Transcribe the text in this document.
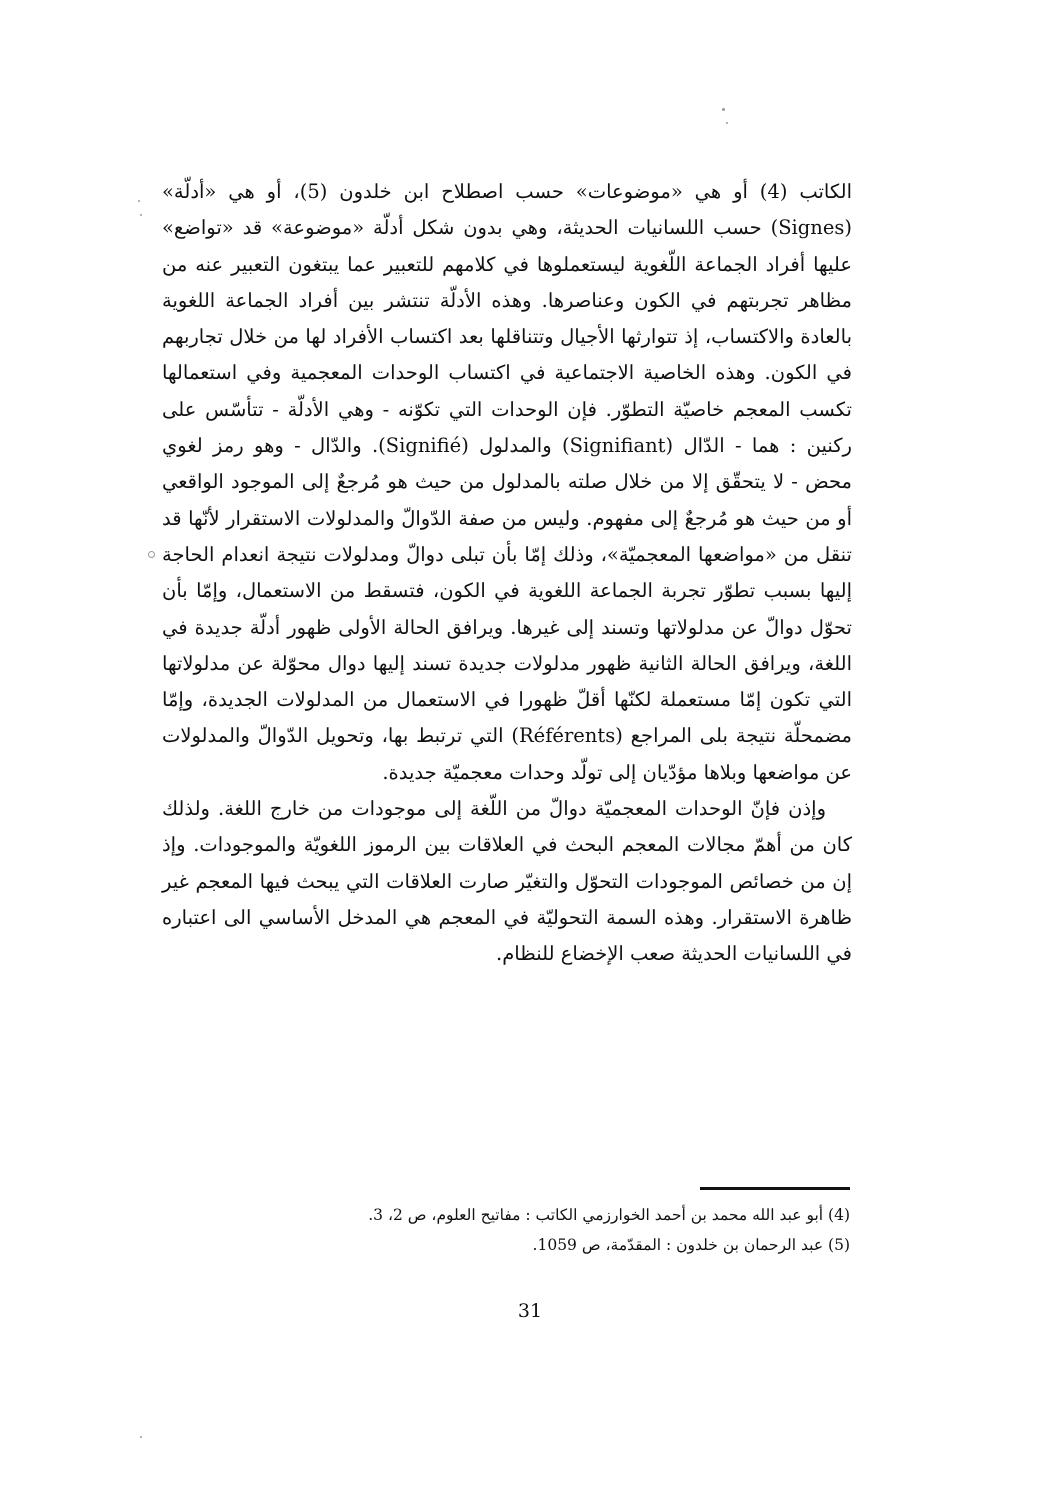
الكاتب (4) أو هي «موضوعات» حسب اصطلاح ابن خلدون (5)، أو هي «أدلّة» (Signes) حسب اللسانيات الحديثة، وهي بدون شكل أدلّة «موضوعة» قد «تواضع» عليها أفراد الجماعة اللّغوية ليستعملوها في كلامهم للتعبير عما يبتغون التعبير عنه من مظاهر تجربتهم في الكون وعناصرها. وهذه الأدلّة تنتشر بين أفراد الجماعة اللغوية بالعادة والاكتساب، إذ تتوارثها الأجيال وتتناقلها بعد اكتساب الأفراد لها من خلال تجاربهم في الكون. وهذه الخاصية الاجتماعية في اكتساب الوحدات المعجمية وفي استعمالها تكسب المعجم خاصيّة التطوّر. فإن الوحدات التي تكوّنه - وهي الأدلّة - تتأسّس على ركنين : هما - الدّال (Signifiant) والمدلول (Signifié). والدّال - وهو رمز لغوي محض - لا يتحقّق إلا من خلال صلته بالمدلول من حيث هو مُرجعٌ إلى الموجود الواقعي أو من حيث هو مُرجعٌ إلى مفهوم. وليس من صفة الدّوالّ والمدلولات الاستقرار لأنّها قد تنقل من «مواضعها المعجميّة»، وذلك إمّا بأن تبلى دوالّ ومدلولات نتيجة انعدام الحاجة إليها بسبب تطوّر تجربة الجماعة اللغوية في الكون، فتسقط من الاستعمال، وإمّا بأن تحوّل دوالّ عن مدلولاتها وتسند إلى غيرها. ويرافق الحالة الأولى ظهور أدلّة جديدة في اللغة، ويرافق الحالة الثانية ظهور مدلولات جديدة تسند إليها دوال محوّلة عن مدلولاتها التي تكون إمّا مستعملة لكنّها أقلّ ظهورا في الاستعمال من المدلولات الجديدة، وإمّا مضمحلّة نتيجة بلى المراجع (Référents) التي ترتبط بها، وتحويل الدّوالّ والمدلولات عن مواضعها وبلاها مؤدّيان إلى تولّد وحدات معجميّة جديدة.

وإذن فإنّ الوحدات المعجميّة دوالّ من اللّغة إلى موجودات من خارج اللغة. ولذلك كان من أهمّ مجالات المعجم البحث في العلاقات بين الرموز اللغويّة والموجودات. وإذ إن من خصائص الموجودات التحوّل والتغيّر صارت العلاقات التي يبحث فيها المعجم غير ظاهرة الاستقرار. وهذه السمة التحوليّة في المعجم هي المدخل الأساسي الى اعتباره في اللسانيات الحديثة صعب الإخضاع للنظام.

(4) أبو عبد الله محمد بن أحمد الخوارزمي الكاتب : مفاتيح العلوم، ص 2، 3.

(5) عبد الرحمان بن خلدون : المقدّمة، ص 1059.

31
